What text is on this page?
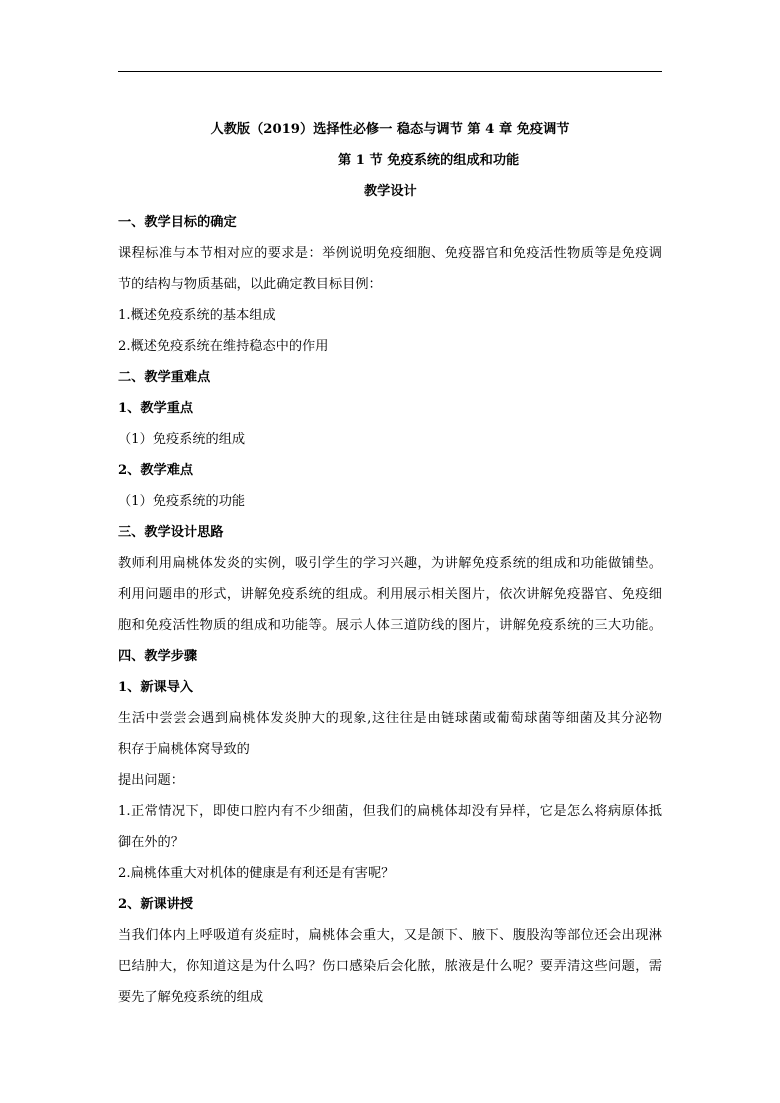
人教版（2019）选择性必修一 稳态与调节 第 4 章 免疫调节
第 1 节 免疫系统的组成和功能
教学设计
一、教学目标的确定
课程标准与本节相对应的要求是：举例说明免疫细胞、免疫器官和免疫活性物质等是免疫调
节的结构与物质基础，以此确定教目标目例：
1.概述免疫系统的基本组成
2.概述免疫系统在维持稳态中的作用
二、教学重难点
1、教学重点
（1）免疫系统的组成
2、教学难点
（1）免疫系统的功能
三、教学设计思路
教师利用扁桃体发炎的实例，吸引学生的学习兴趣，为讲解免疫系统的组成和功能做铺垫。
利用问题串的形式，讲解免疫系统的组成。利用展示相关图片，依次讲解免疫器官、免疫细
胞和免疫活性物质的组成和功能等。展示人体三道防线的图片，讲解免疫系统的三大功能。
四、教学步骤
1、新课导入
生活中尝尝会遇到扁桃体发炎肿大的现象,这往往是由链球菌或葡萄球菌等细菌及其分泌物
积存于扁桃体窝导致的
提出问题：
1.正常情况下，即使口腔内有不少细菌，但我们的扁桃体却没有异样，它是怎么将病原体抵
御在外的？
2.扁桃体重大对机体的健康是有利还是有害呢？
2、新课讲授
当我们体内上呼吸道有炎症时，扁桃体会重大，又是颌下、腋下、腹股沟等部位还会出现淋
巴结肿大，你知道这是为什么吗？伤口感染后会化脓，脓液是什么呢？要弄清这些问题，需
要先了解免疫系统的组成
